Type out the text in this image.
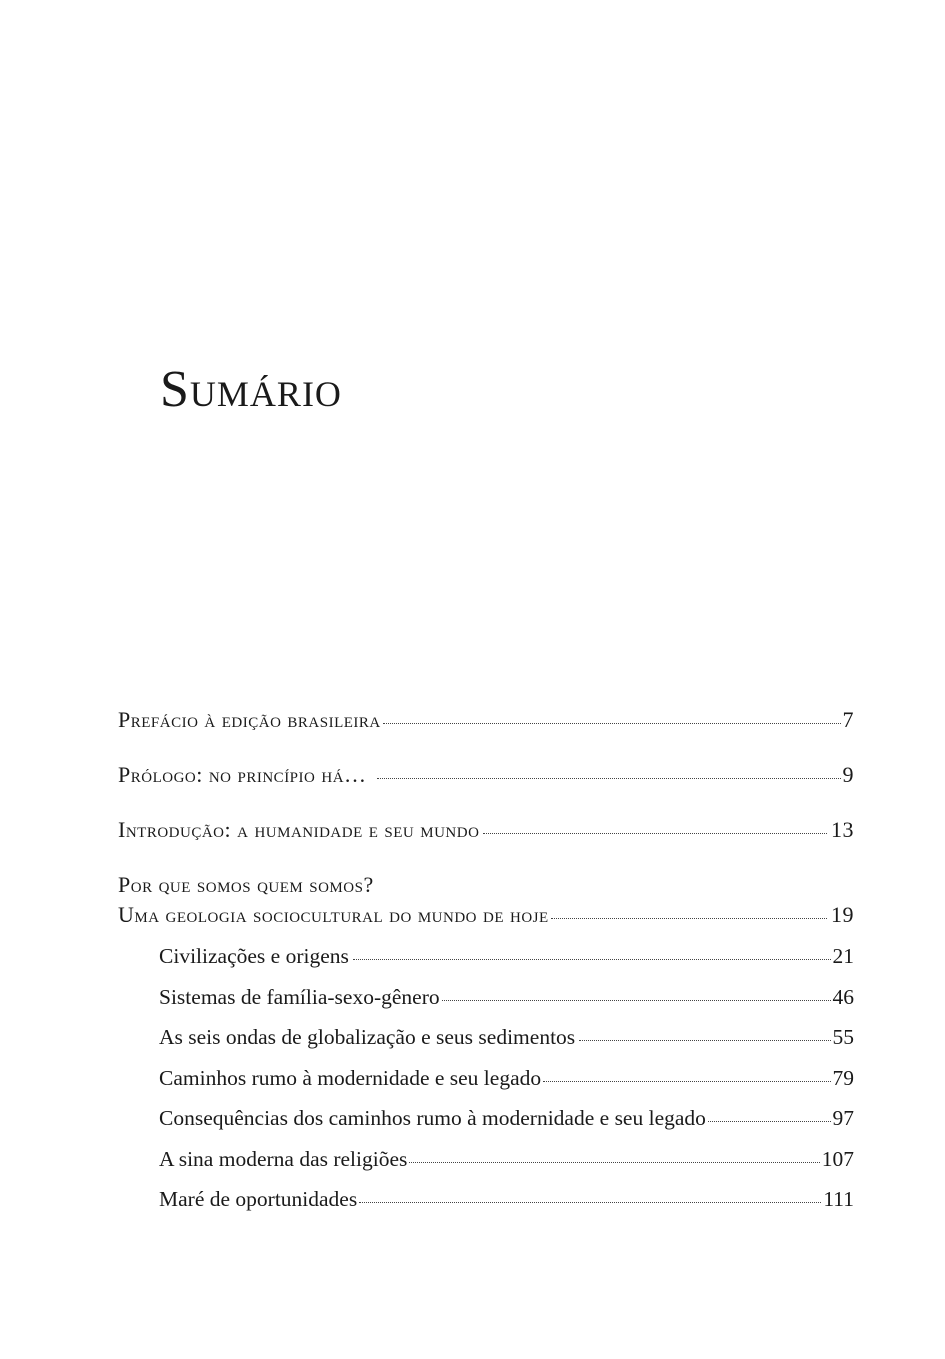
Sumário
Prefácio à edição brasileira	7
Prólogo: no princípio há…	9
Introdução: a humanidade e seu mundo	13
Por que somos quem somos?
Uma geologia sociocultural do mundo de hoje	19
Civilizações e origens	21
Sistemas de família-sexo-gênero	46
As seis ondas de globalização e seus sedimentos	55
Caminhos rumo à modernidade e seu legado	79
Consequências dos caminhos rumo à modernidade e seu legado	97
A sina moderna das religiões	107
Maré de oportunidades	111
